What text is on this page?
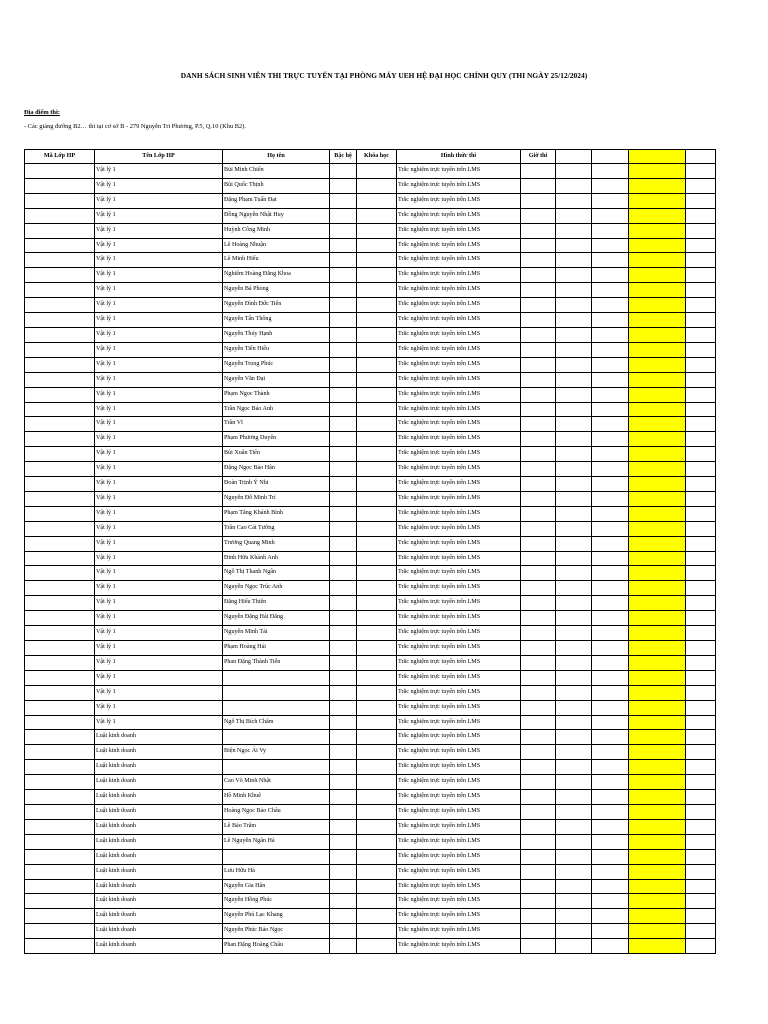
DANH SÁCH SINH VIÊN THI TRỰC TUYẾN TẠI PHÒNG MÁY UEH HỆ ĐẠI HỌC CHÍNH QUY (THI NGÀY 25/12/2024)
Địa điểm thi:
- Các giảng đường B2… thi tại cơ sở B - 279 Nguyễn Tri Phương, P.5, Q.10 (Khu B2).
Mã Lớp HP	Tên Lớp HP	Họ tên	Bậc hệ	Khóa học	Hình thức thi	Giờ thi				
	Vật lý 1	Bùi Minh Chiến			Trắc nghiệm trực tuyến trên LMS					
	Vật lý 1	Bùi Quốc Thịnh			Trắc nghiệm trực tuyến trên LMS					
	Vật lý 1	Đặng Phạm Tuấn Đạt			Trắc nghiệm trực tuyến trên LMS					
	Vật lý 1	Đồng Nguyễn Nhật Huy			Trắc nghiệm trực tuyến trên LMS					
	Vật lý 1	Huỳnh Công Minh			Trắc nghiệm trực tuyến trên LMS					
	Vật lý 1	Lê Hoàng Nhuận			Trắc nghiệm trực tuyến trên LMS					
	Vật lý 1	Lê Minh Hiếu			Trắc nghiệm trực tuyến trên LMS					
	Vật lý 1	Nghiêm Hoàng Đăng Khoa			Trắc nghiệm trực tuyến trên LMS					
	Vật lý 1	Nguyễn Bá Phong			Trắc nghiệm trực tuyến trên LMS					
	Vật lý 1	Nguyễn Đình Đức Tiến			Trắc nghiệm trực tuyến trên LMS					
	Vật lý 1	Nguyễn Tấn Thông			Trắc nghiệm trực tuyến trên LMS					
	Vật lý 1	Nguyễn Thúy Hạnh			Trắc nghiệm trực tuyến trên LMS					
	Vật lý 1	Nguyễn Tiến Hiếu			Trắc nghiệm trực tuyến trên LMS					
	Vật lý 1	Nguyễn Trọng Phúc			Trắc nghiệm trực tuyến trên LMS					
	Vật lý 1	Nguyễn Văn Đạt			Trắc nghiệm trực tuyến trên LMS					
	Vật lý 1	Phạm Ngọc Thành			Trắc nghiệm trực tuyến trên LMS					
	Vật lý 1	Trần Ngọc Bảo Anh			Trắc nghiệm trực tuyến trên LMS					
	Vật lý 1	Trần Vĩ			Trắc nghiệm trực tuyến trên LMS					
	Vật lý 1	Phạm Phương Duyên			Trắc nghiệm trực tuyến trên LMS					
	Vật lý 1	Bùi Xuân Tiến			Trắc nghiệm trực tuyến trên LMS					
	Vật lý 1	Đặng Ngọc Bảo Hân			Trắc nghiệm trực tuyến trên LMS					
	Vật lý 1	Đoàn Trịnh Ý Nhi			Trắc nghiệm trực tuyến trên LMS					
	Vật lý 1	Nguyễn Đỗ Minh Trí			Trắc nghiệm trực tuyến trên LMS					
	Vật lý 1	Phạm Tăng Khánh Bình			Trắc nghiệm trực tuyến trên LMS					
	Vật lý 1	Trần Cao Cát Tường			Trắc nghiệm trực tuyến trên LMS					
	Vật lý 1	Trương Quang Minh			Trắc nghiệm trực tuyến trên LMS					
	Vật lý 1	Đinh Hữu Khánh Anh			Trắc nghiệm trực tuyến trên LMS					
	Vật lý 1	Ngô Thị Thanh Ngân			Trắc nghiệm trực tuyến trên LMS					
	Vật lý 1	Nguyễn Ngọc Trúc Anh			Trắc nghiệm trực tuyến trên LMS					
	Vật lý 1	Đặng Hiếu Thiện			Trắc nghiệm trực tuyến trên LMS					
	Vật lý 1	Nguyễn Đặng Hải Đăng			Trắc nghiệm trực tuyến trên LMS					
	Vật lý 1	Nguyễn Minh Tài			Trắc nghiệm trực tuyến trên LMS					
	Vật lý 1	Phạm Hoàng Hải			Trắc nghiệm trực tuyến trên LMS					
	Vật lý 1	Phan Đặng Thành Tiến			Trắc nghiệm trực tuyến trên LMS					
	Vật lý 1				Trắc nghiệm trực tuyến trên LMS					
	Vật lý 1				Trắc nghiệm trực tuyến trên LMS					
	Vật lý 1				Trắc nghiệm trực tuyến trên LMS					
	Vật lý 1	Ngô Thị Bích Châm			Trắc nghiệm trực tuyến trên LMS					
	Luật kinh doanh				Trắc nghiệm trực tuyến trên LMS					
	Luật kinh doanh	Biện Ngọc Ái Vy			Trắc nghiệm trực tuyến trên LMS					
	Luật kinh doanh				Trắc nghiệm trực tuyến trên LMS					
	Luật kinh doanh	Cao Võ Minh Nhật			Trắc nghiệm trực tuyến trên LMS					
	Luật kinh doanh	Hồ Minh Khuê			Trắc nghiệm trực tuyến trên LMS					
	Luật kinh doanh	Hoàng Ngọc Bảo Châu			Trắc nghiệm trực tuyến trên LMS					
	Luật kinh doanh	Lê Bảo Trâm			Trắc nghiệm trực tuyến trên LMS					
	Luật kinh doanh	Lê Nguyễn Ngân Hà			Trắc nghiệm trực tuyến trên LMS					
	Luật kinh doanh				Trắc nghiệm trực tuyến trên LMS					
	Luật kinh doanh	Lưu Hữu Hà			Trắc nghiệm trực tuyến trên LMS					
	Luật kinh doanh	Nguyễn Gia Hân			Trắc nghiệm trực tuyến trên LMS					
	Luật kinh doanh	Nguyễn Hồng Phúc			Trắc nghiệm trực tuyến trên LMS					
	Luật kinh doanh	Nguyễn Phú Lạc Khang			Trắc nghiệm trực tuyến trên LMS					
	Luật kinh doanh	Nguyễn Phúc Bảo Ngọc			Trắc nghiệm trực tuyến trên LMS					
	Luật kinh doanh	Phan Đặng Hoàng Châu			Trắc nghiệm trực tuyến trên LMS					
